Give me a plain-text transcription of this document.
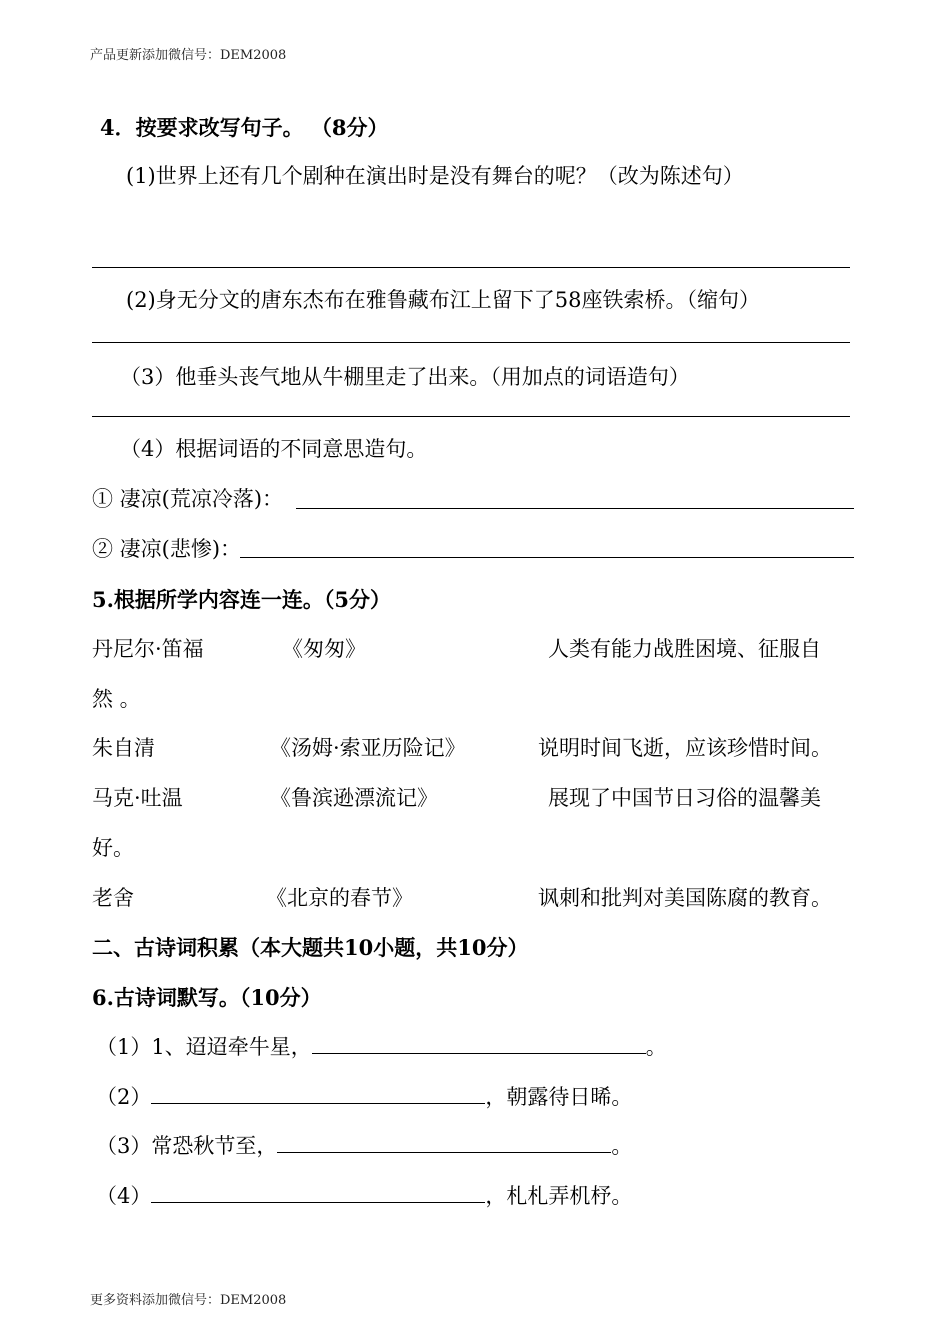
产品更新添加微信号：DEM2008
4．按要求改写句子。 （8分）
(1)世界上还有几个剧种在演出时是没有舞台的呢？（改为陈述句）
(2)身无分文的唐东杰布在雅鲁藏布江上留下了58座铁索桥。（缩句）
（3）他垂头丧气地从牛棚里走了出来。（用加点的词语造句）
（4）根据词语的不同意思造句。
① 凄凉(荒凉冷落)：
② 凄凉(悲惨)：
5.根据所学内容连一连。（5分）
丹尼尔·笛福	《匆匆》	人类有能力战胜困境、征服自
然 。
朱自清	《汤姆·索亚历险记》	说明时间飞逝，应该珍惜时间。
马克·吐温	《鲁滨逊漂流记》	展现了中国节日习俗的温馨美
好。
老舍	《北京的春节》	讽刺和批判对美国陈腐的教育。
二、古诗词积累（本大题共10小题，共10分）
6.古诗词默写。（10分）
（1）1、迢迢牵牛星，	。
（2）	，朝露待日晞。
（3）常恐秋节至，	。
（4）	，札札弄机杼。
更多资料添加微信号：DEM2008
